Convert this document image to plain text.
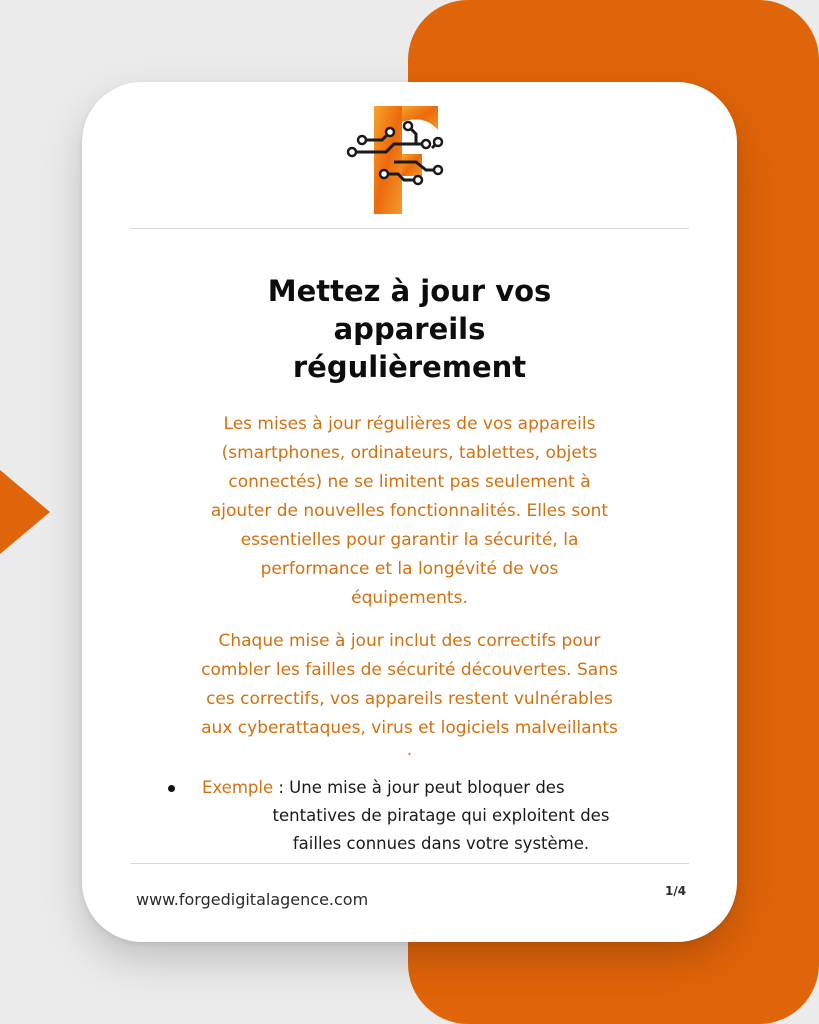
Mettez à jour vos
appareils
régulièrement
Les mises à jour régulières de vos appareils
(smartphones, ordinateurs, tablettes, objets
connectés) ne se limitent pas seulement à
ajouter de nouvelles fonctionnalités. Elles sont
essentielles pour garantir la sécurité, la
performance et la longévité de vos
équipements.
Chaque mise à jour inclut des correctifs pour
combler les failles de sécurité découvertes. Sans
ces correctifs, vos appareils restent vulnérables
aux cyberattaques, virus et logiciels malveillants
.
Exemple : Une mise à jour peut bloquer des
tentatives de piratage qui exploitent des
failles connues dans votre système.
www.forgedigitalagence.com	1/4
